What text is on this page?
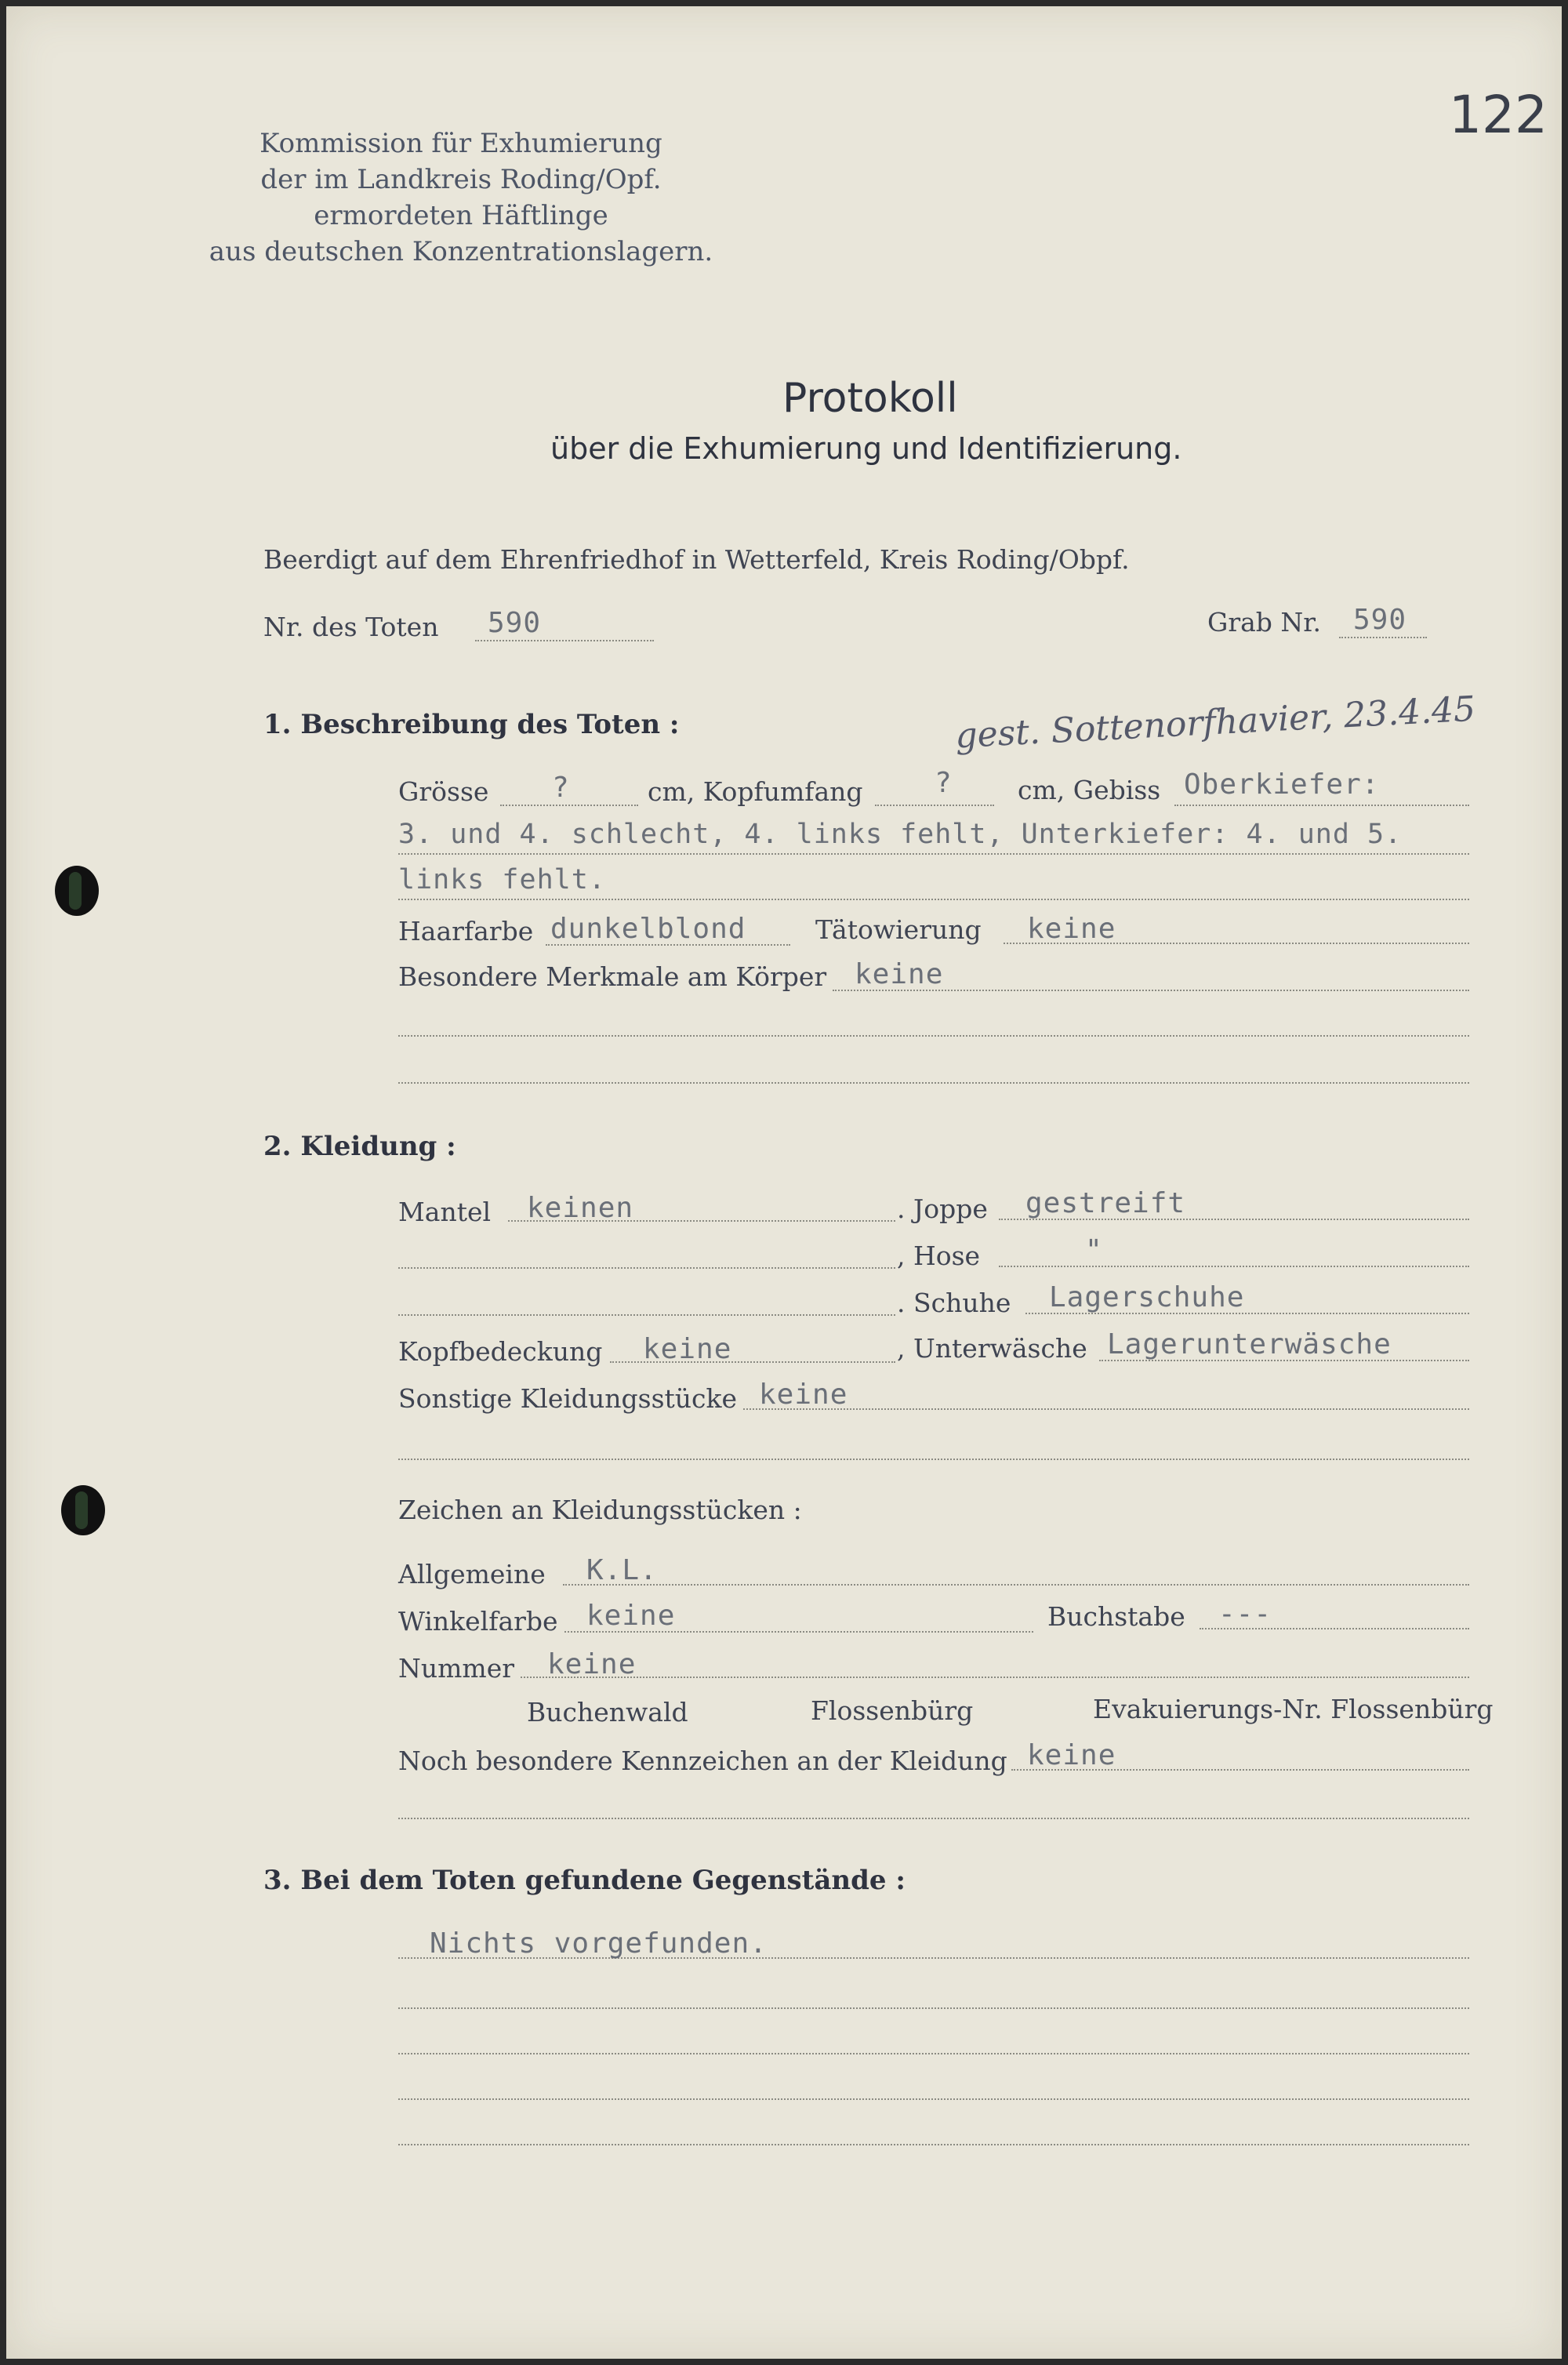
122
Kommission für Exhumierung
der im Landkreis Roding/Opf.
ermordeten Häftlinge
aus deutschen Konzentrationslagern.
Protokoll
über die Exhumierung und Identifizierung.
Beerdigt auf dem Ehrenfriedhof in Wetterfeld, Kreis Roding/Obpf.
Nr. des Toten 590	Grab Nr. 590
1. Beschreibung des Toten :	gest. Sottenorfhavier, 23.4.45
Grösse ?	cm, Kopfumfang	?	cm, Gebiss Oberkiefer:
3. und 4. schlecht, 4. links fehlt, Unterkiefer: 4. und 5.
links fehlt.
Haarfarbe dunkelblond	Tätowierung keine
Besondere Merkmale am Körper keine
2. Kleidung :
Mantel keinen	. Joppe gestreift
, Hose	"
. Schuhe Lagerschuhe
Kopfbedeckung keine	, Unterwäsche Lagerunterwäsche
Sonstige Kleidungsstücke keine
Zeichen an Kleidungsstücken :
Allgemeine K.L.
Winkelfarbe keine	Buchstabe ---
Nummer keine
Buchenwald	Flossenbürg	Evakuierungs-Nr. Flossenbürg
Noch besondere Kennzeichen an der Kleidung keine
3. Bei dem Toten gefundene Gegenstände :
Nichts vorgefunden.
